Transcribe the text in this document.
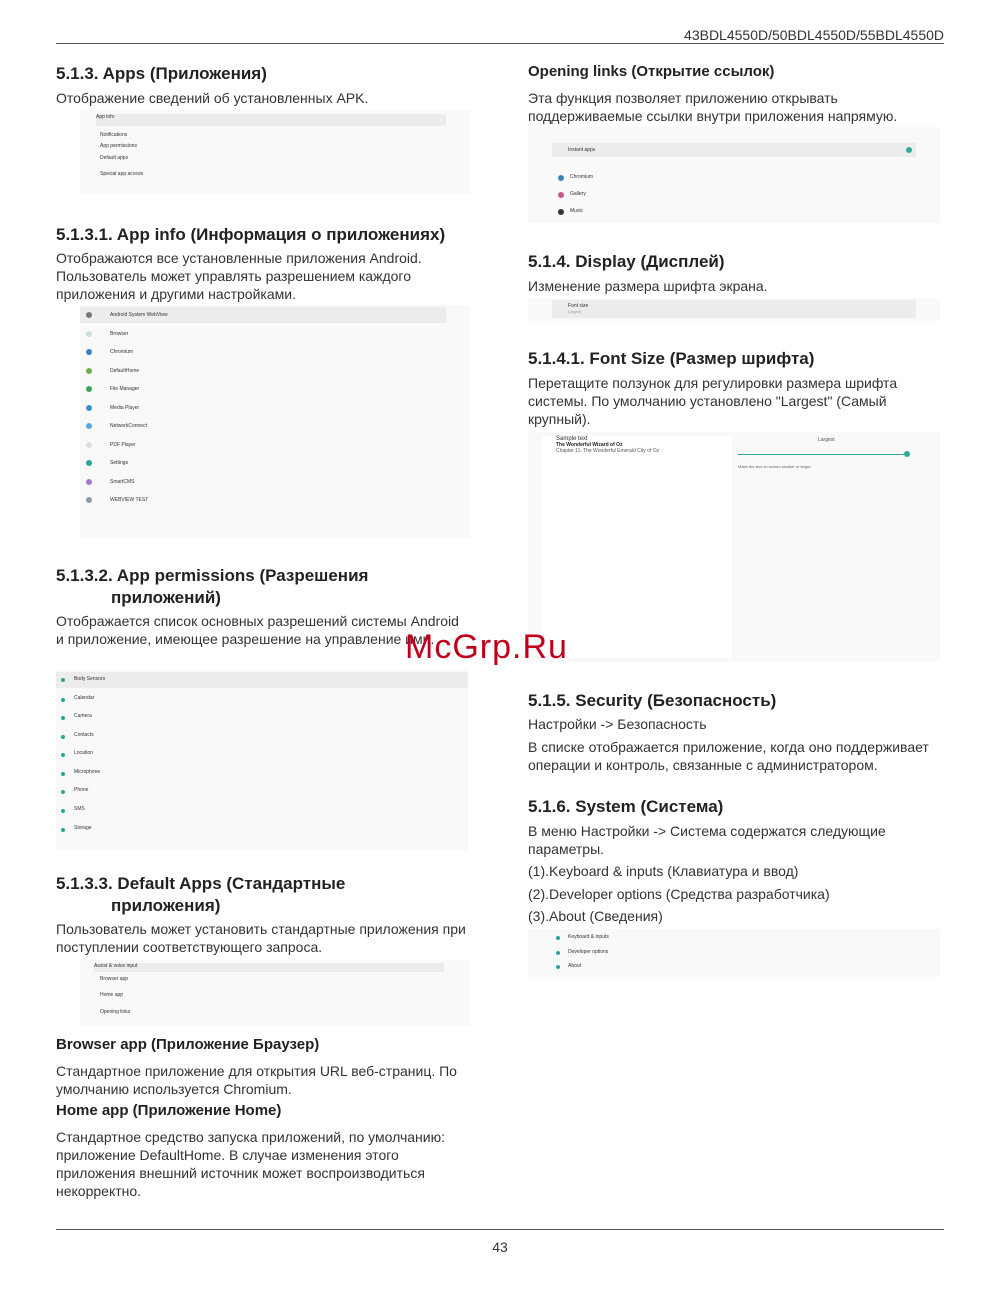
43BDL4550D/50BDL4550D/55BDL4550D
5.1.3. Apps (Приложения)

Отображение сведений об установленных APK.

App info
Notifications
App permissions
Default apps
Special app access
5.1.3.1. App info (Информация о приложениях)

Отображаются все установленные приложения Android. Пользователь может управлять разрешением каждого приложения и другими настройками.

Android System WebView
Browser
Chromium
DefaultHome
File Manager
Media Player
NetworkConnect
PDF Player
Settings
SmartCMS
WEBVIEW TEST
5.1.3.2. App permissions (Разрешения
приложений)

Отображается список основных разрешений системы Android и приложение, имеющее разрешение на управление ими.

Body Sensors
Calendar
Camera
Contacts
Location
Microphone
Phone
SMS
Storage
5.1.3.3. Default Apps (Стандартные
приложения)

Пользователь может установить стандартные приложения при поступлении соответствующего запроса.

Assist & voice input
Browser app
Home app
Opening links
Browser app (Приложение Браузер)

Стандартное приложение для открытия URL веб-страниц. По умолчанию используется Chromium.

Home app (Приложение Home)

Стандартное средство запуска приложений, по умолчанию: приложение DefaultHome. В случае изменения этого приложения внешний источник может воспроизводиться некорректно.

Opening links (Открытие ссылок)

Эта функция позволяет приложению открывать поддерживаемые ссылки внутри приложения напрямую.

Instant apps
Chromium
Gallery
Music
5.1.4. Display (Дисплей)

Изменение размера шрифта экрана.

Font size
Largest
5.1.4.1. Font Size (Размер шрифта)

Перетащите ползунок для регулировки размера шрифта системы. По умолчанию установлено "Largest" (Самый крупный).

Sample text
The Wonderful Wizard of Oz
Chapter 11: The Wonderful Emerald City of Oz
Largest
Make the text on screen smaller or larger.
5.1.5. Security (Безопасность)

Настройки -> Безопасность

В списке отображается приложение, когда оно поддерживает операции и контроль, связанные с администратором.

5.1.6. System (Система)

В меню Настройки -> Система содержатся следующие параметры.

(1).Keyboard & inputs (Клавиатура и ввод)

(2).Developer options (Средства разработчика)

(3).About (Сведения)

Keyboard & inputs
Developer options
About
McGrp.Ru
43
